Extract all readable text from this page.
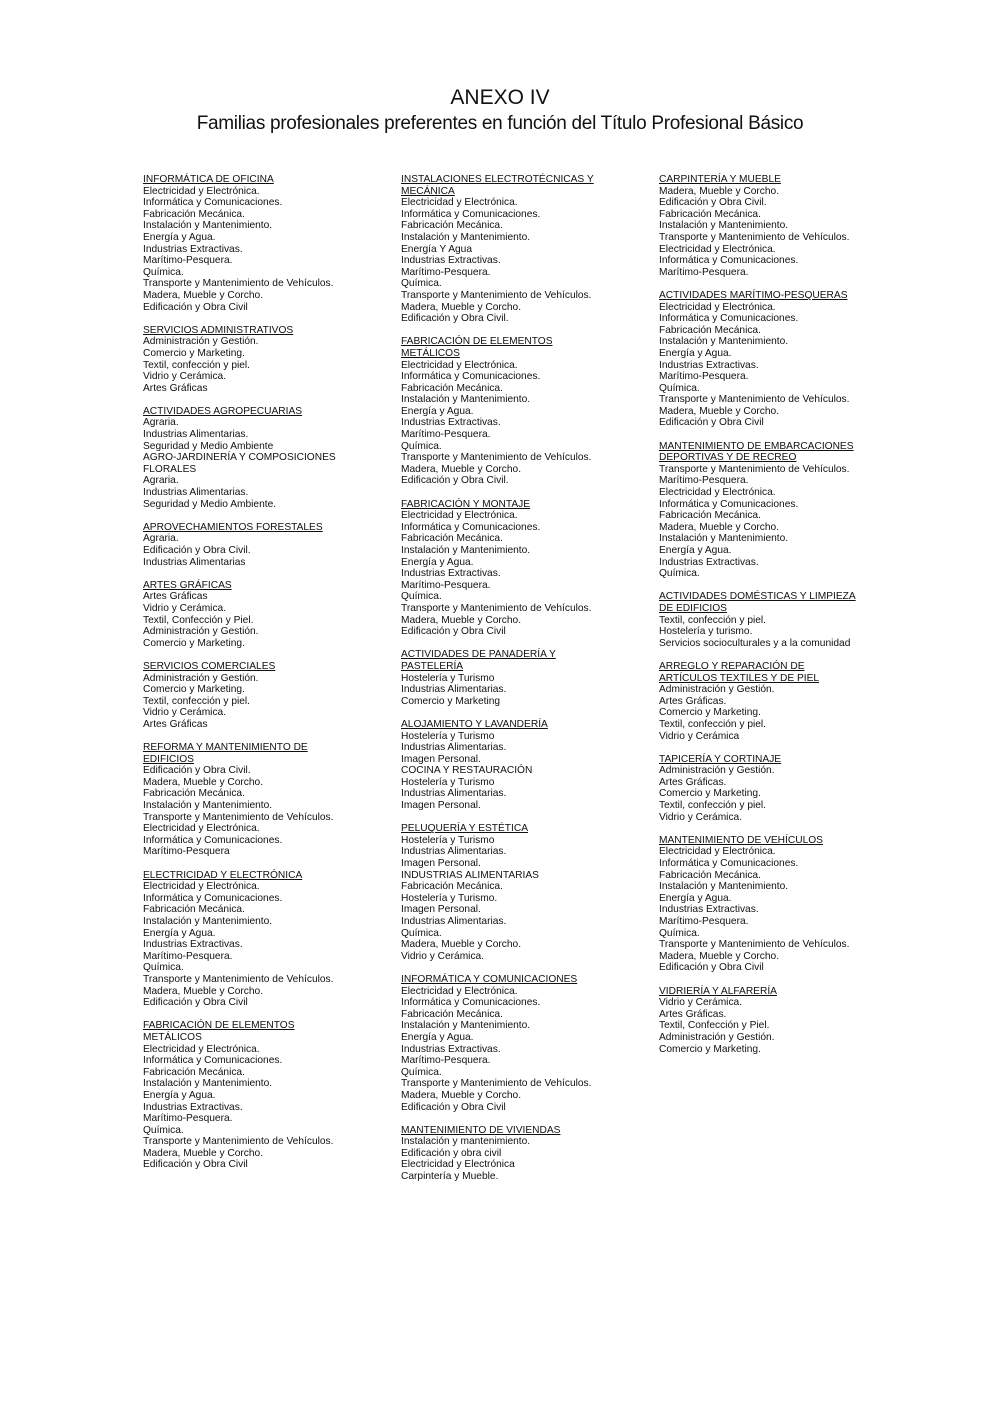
ANEXO IV
Familias profesionales preferentes en función del Título Profesional Básico
INFORMÁTICA DE OFICINA
Electricidad y Electrónica.
Informática y Comunicaciones.
Fabricación Mecánica.
Instalación y Mantenimiento.
Energía y Agua.
Industrias Extractivas.
Marítimo-Pesquera.
Química.
Transporte y Mantenimiento de Vehículos.
Madera, Mueble y Corcho.
Edificación y Obra Civil
SERVICIOS ADMINISTRATIVOS
Administración y Gestión.
Comercio y Marketing.
Textil, confección y piel.
Vidrio y Cerámica.
Artes Gráficas
ACTIVIDADES AGROPECUARIAS
Agraria.
Industrias Alimentarias.
Seguridad y Medio Ambiente
AGRO-JARDINERÍA Y COMPOSICIONES
FLORALES
Agraria.
Industrias Alimentarias.
Seguridad y Medio Ambiente.
APROVECHAMIENTOS FORESTALES
Agraria.
Edificación y Obra Civil.
Industrias Alimentarias
ARTES GRÁFICAS
Artes Gráficas
Vidrio y Cerámica.
Textil, Confección y Piel.
Administración y Gestión.
Comercio y Marketing.
SERVICIOS COMERCIALES
Administración y Gestión.
Comercio y Marketing.
Textil, confección y piel.
Vidrio y Cerámica.
Artes Gráficas
REFORMA Y MANTENIMIENTO DE
EDIFICIOS
Edificación y Obra Civil.
Madera, Mueble y Corcho.
Fabricación Mecánica.
Instalación y Mantenimiento.
Transporte y Mantenimiento de Vehículos.
Electricidad y Electrónica.
Informática y Comunicaciones.
Marítimo-Pesquera
ELECTRICIDAD Y ELECTRÓNICA
Electricidad y Electrónica.
Informática y Comunicaciones.
Fabricación Mecánica.
Instalación y Mantenimiento.
Energía y Agua.
Industrias Extractivas.
Marítimo-Pesquera.
Química.
Transporte y Mantenimiento de Vehículos.
Madera, Mueble y Corcho.
Edificación y Obra Civil
FABRICACIÓN DE ELEMENTOS
METÁLICOS
Electricidad y Electrónica.
Informática y Comunicaciones.
Fabricación Mecánica.
Instalación y Mantenimiento.
Energía y Agua.
Industrias Extractivas.
Marítimo-Pesquera.
Química.
Transporte y Mantenimiento de Vehículos.
Madera, Mueble y Corcho.
Edificación y Obra Civil
INSTALACIONES ELECTROTÉCNICAS Y
MECÁNICA
Electricidad y Electrónica.
Informática y Comunicaciones.
Fabricación Mecánica.
Instalación y Mantenimiento.
Energía Y Agua
Industrias Extractivas.
Marítimo-Pesquera.
Química.
Transporte y Mantenimiento de Vehículos.
Madera, Mueble y Corcho.
Edificación y Obra Civil.
FABRICACIÓN DE ELEMENTOS
METÁLICOS
Electricidad y Electrónica.
Informática y Comunicaciones.
Fabricación Mecánica.
Instalación y Mantenimiento.
Energía y Agua.
Industrias Extractivas.
Marítimo-Pesquera.
Química.
Transporte y Mantenimiento de Vehículos.
Madera, Mueble y Corcho.
Edificación y Obra Civil.
FABRICACIÓN Y MONTAJE
Electricidad y Electrónica.
Informática y Comunicaciones.
Fabricación Mecánica.
Instalación y Mantenimiento.
Energía y Agua.
Industrias Extractivas.
Marítimo-Pesquera.
Química.
Transporte y Mantenimiento de Vehículos.
Madera, Mueble y Corcho.
Edificación y Obra Civil
ACTIVIDADES DE PANADERÍA Y
PASTELERÍA
Hostelería y Turismo
Industrias Alimentarias.
Comercio y Marketing
ALOJAMIENTO Y LAVANDERÍA
Hostelería y Turismo
Industrias Alimentarias.
Imagen Personal.
COCINA Y RESTAURACIÓN
Hostelería y Turismo
Industrias Alimentarias.
Imagen Personal.
PELUQUERÍA Y ESTÉTICA
Hostelería y Turismo
Industrias Alimentarias.
Imagen Personal.
INDUSTRIAS ALIMENTARIAS
Fabricación Mecánica.
Hostelería y Turismo.
Imagen Personal.
Industrias Alimentarias.
Química.
Madera, Mueble y Corcho.
Vidrio y Cerámica.
INFORMÁTICA Y COMUNICACIONES
Electricidad y Electrónica.
Informática y Comunicaciones.
Fabricación Mecánica.
Instalación y Mantenimiento.
Energía y Agua.
Industrias Extractivas.
Marítimo-Pesquera.
Química.
Transporte y Mantenimiento de Vehículos.
Madera, Mueble y Corcho.
Edificación y Obra Civil
MANTENIMIENTO DE VIVIENDAS
Instalación y mantenimiento.
Edificación y obra civil
Electricidad y Electrónica
Carpintería y Mueble.
CARPINTERÍA Y MUEBLE
Madera, Mueble y Corcho.
Edificación y Obra Civil.
Fabricación Mecánica.
Instalación y Mantenimiento.
Transporte y Mantenimiento de Vehículos.
Electricidad y Electrónica.
Informática y Comunicaciones.
Marítimo-Pesquera.
ACTIVIDADES MARÍTIMO-PESQUERAS
Electricidad y Electrónica.
Informática y Comunicaciones.
Fabricación Mecánica.
Instalación y Mantenimiento.
Energía y Agua.
Industrias Extractivas.
Marítimo-Pesquera.
Química.
Transporte y Mantenimiento de Vehículos.
Madera, Mueble y Corcho.
Edificación y Obra Civil
MANTENIMIENTO DE EMBARCACIONES
DEPORTIVAS Y DE RECREO
Transporte y Mantenimiento de Vehículos.
Marítimo-Pesquera.
Electricidad y Electrónica.
Informática y Comunicaciones.
Fabricación Mecánica.
Madera, Mueble y Corcho.
Instalación y Mantenimiento.
Energía y Agua.
Industrias Extractivas.
Química.
ACTIVIDADES DOMÉSTICAS Y LIMPIEZA
DE EDIFICIOS
Textil, confección y piel.
Hostelería y turismo.
Servicios socioculturales y a la comunidad
ARREGLO Y REPARACIÓN DE
ARTÍCULOS TEXTILES Y DE PIEL
Administración y Gestión.
Artes Gráficas.
Comercio y Marketing.
Textil, confección y piel.
Vidrio y Cerámica
TAPICERÍA Y CORTINAJE
Administración y Gestión.
Artes Gráficas.
Comercio y Marketing.
Textil, confección y piel.
Vidrio y Cerámica.
MANTENIMIENTO DE VEHÍCULOS
Electricidad y Electrónica.
Informática y Comunicaciones.
Fabricación Mecánica.
Instalación y Mantenimiento.
Energía y Agua.
Industrias Extractivas.
Marítimo-Pesquera.
Química.
Transporte y Mantenimiento de Vehículos.
Madera, Mueble y Corcho.
Edificación y Obra Civil
VIDRIERÍA Y ALFARERÍA
Vidrio y Cerámica.
Artes Gráficas.
Textil, Confección y Piel.
Administración y Gestión.
Comercio y Marketing.
